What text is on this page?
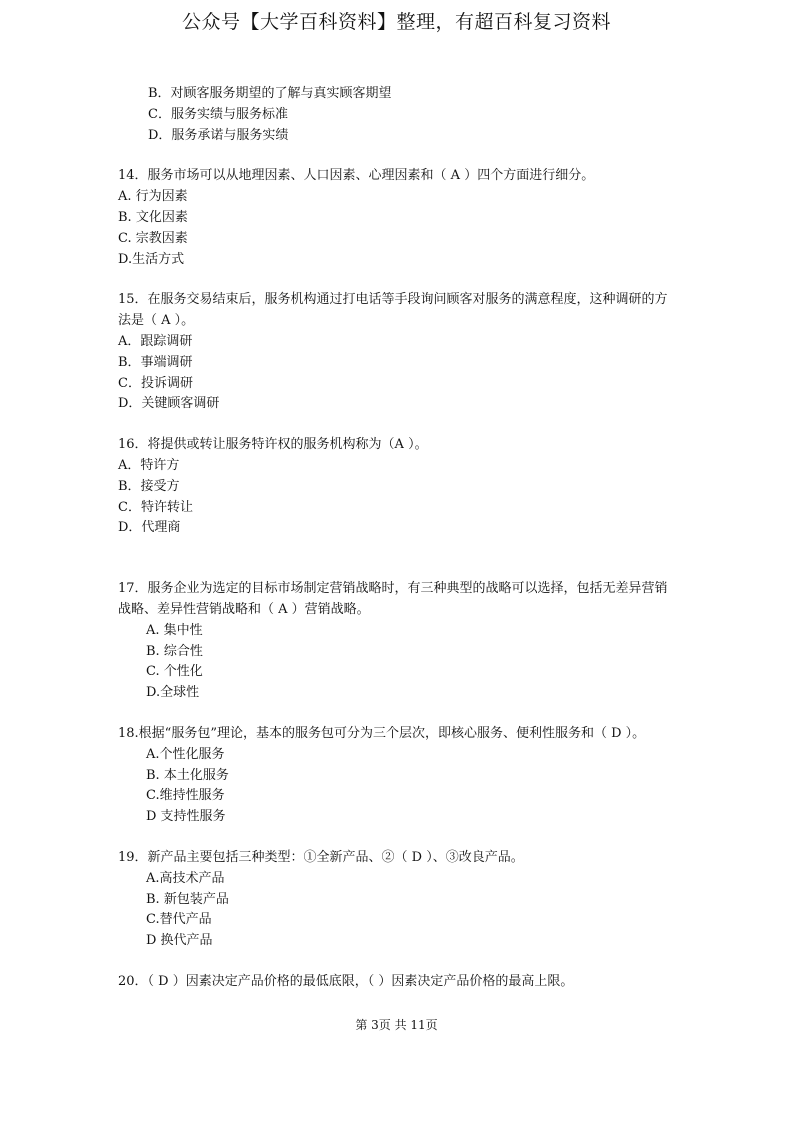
公众号【大学百科资料】整理，有超百科复习资料
B．对顾客服务期望的了解与真实顾客期望
C．服务实绩与服务标准
D．服务承诺与服务实绩
14．服务市场可以从地理因素、人口因素、心理因素和（ A ）四个方面进行细分。
A. 行为因素
B. 文化因素
C. 宗教因素
D.生活方式
15．在服务交易结束后，服务机构通过打电话等手段询问顾客对服务的满意程度，这种调研的方法是（ A ）。
A．跟踪调研
B．事端调研
C．投诉调研
D．关键顾客调研
16．将提供或转让服务特许权的服务机构称为（A ）。
A．特许方
B．接受方
C．特许转让
D．代理商
17．服务企业为选定的目标市场制定营销战略时，有三种典型的战略可以选择，包括无差异营销战略、差异性营销战略和（ A ）营销战略。
A. 集中性
B. 综合性
C. 个性化
D.全球性
18.根据“服务包”理论，基本的服务包可分为三个层次，即核心服务、便利性服务和（ D ）。
A.个性化服务
B. 本土化服务
C.维持性服务
D 支持性服务
19．新产品主要包括三种类型：①全新产品、②（ D ）、③改良产品。
A.高技术产品
B. 新包装产品
C.替代产品
D 换代产品
20．（ D ）因素决定产品价格的最低底限，（ ）因素决定产品价格的最高上限。
第 3页 共 11页
